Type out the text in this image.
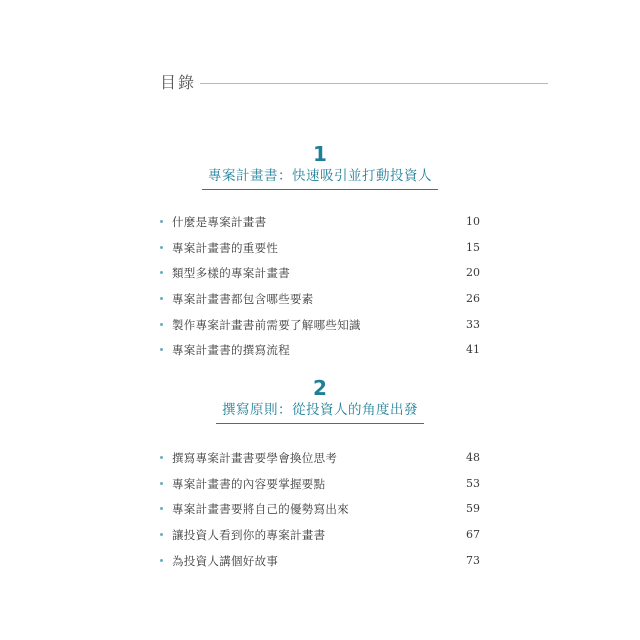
目錄
1
專案計畫書：快速吸引並打動投資人
什麼是專案計畫書	10
專案計畫書的重要性	15
類型多樣的專案計畫書	20
專案計畫書都包含哪些要素	26
製作專案計畫書前需要了解哪些知識	33
專案計畫書的撰寫流程	41
2
撰寫原則：從投資人的角度出發
撰寫專案計畫書要學會換位思考	48
專案計畫書的內容要掌握要點	53
專案計畫書要將自己的優勢寫出來	59
讓投資人看到你的專案計畫書	67
為投資人講個好故事	73
